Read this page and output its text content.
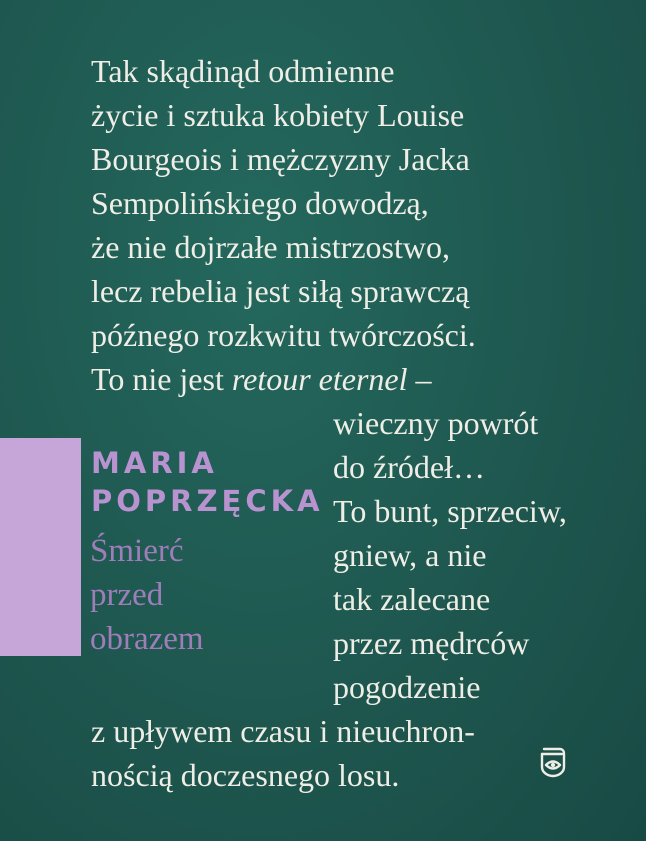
Tak skądinąd odmienne

życie i sztuka kobiety Louise

Bourgeois i mężczyzny Jacka

Sempolińskiego dowodzą,

że nie dojrzałe mistrzostwo,

lecz rebelia jest siłą sprawczą

późnego rozkwitu twórczości.

To nie jest retour eternel –

wieczny powrót

do źródeł…

To bunt, sprzeciw,

gniew, a nie

tak zalecane

przez mędrców

pogodzenie

z upływem czasu i nieuchron-

nością doczesnego losu.

MARIA
POPRZĘCKA

Śmierć

przed

obrazem
